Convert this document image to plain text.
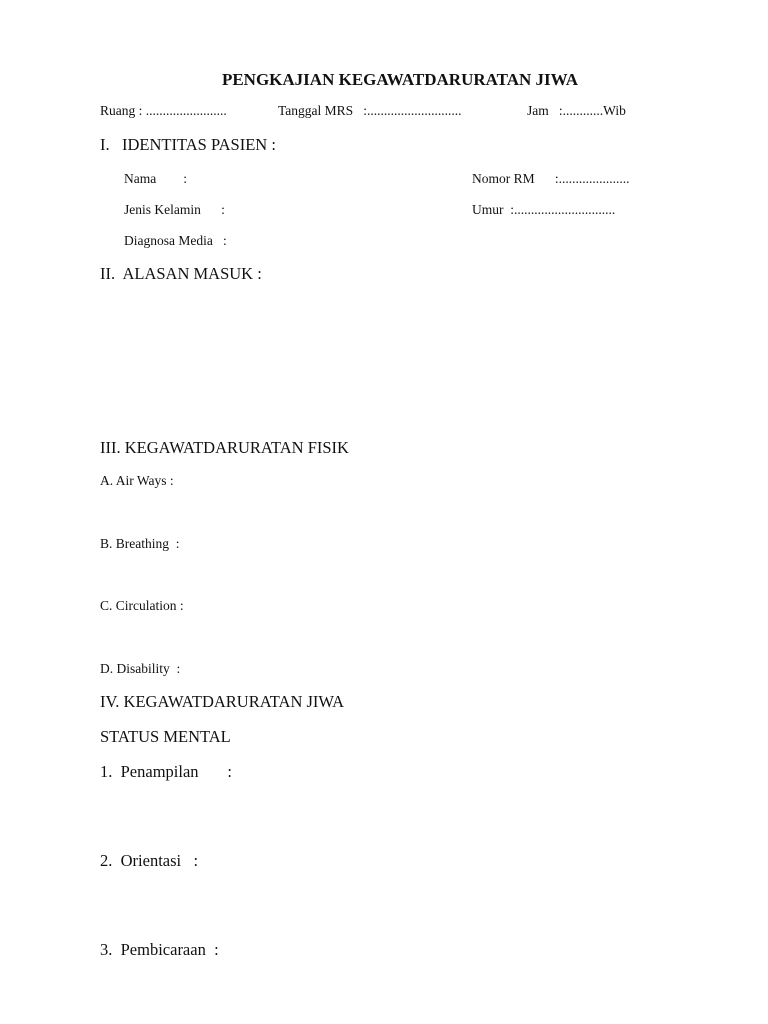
PENGKAJIAN KEGAWATDARURATAN JIWA
Ruang : ........................	Tanggal MRS   :............................	Jam   :............Wib
I.   IDENTITAS PASIEN :
Nama        :	Nomor RM      :.....................
Jenis Kelamin      :	Umur  :..............................
Diagnosa Media   :
II.  ALASAN MASUK :
III. KEGAWATDARURATAN FISIK
A. Air Ways :
B. Breathing  :
C. Circulation :
D. Disability  :
IV. KEGAWATDARURATAN JIWA
STATUS MENTAL
1.  Penampilan       :
2.  Orientasi   :
3.  Pembicaraan  :
